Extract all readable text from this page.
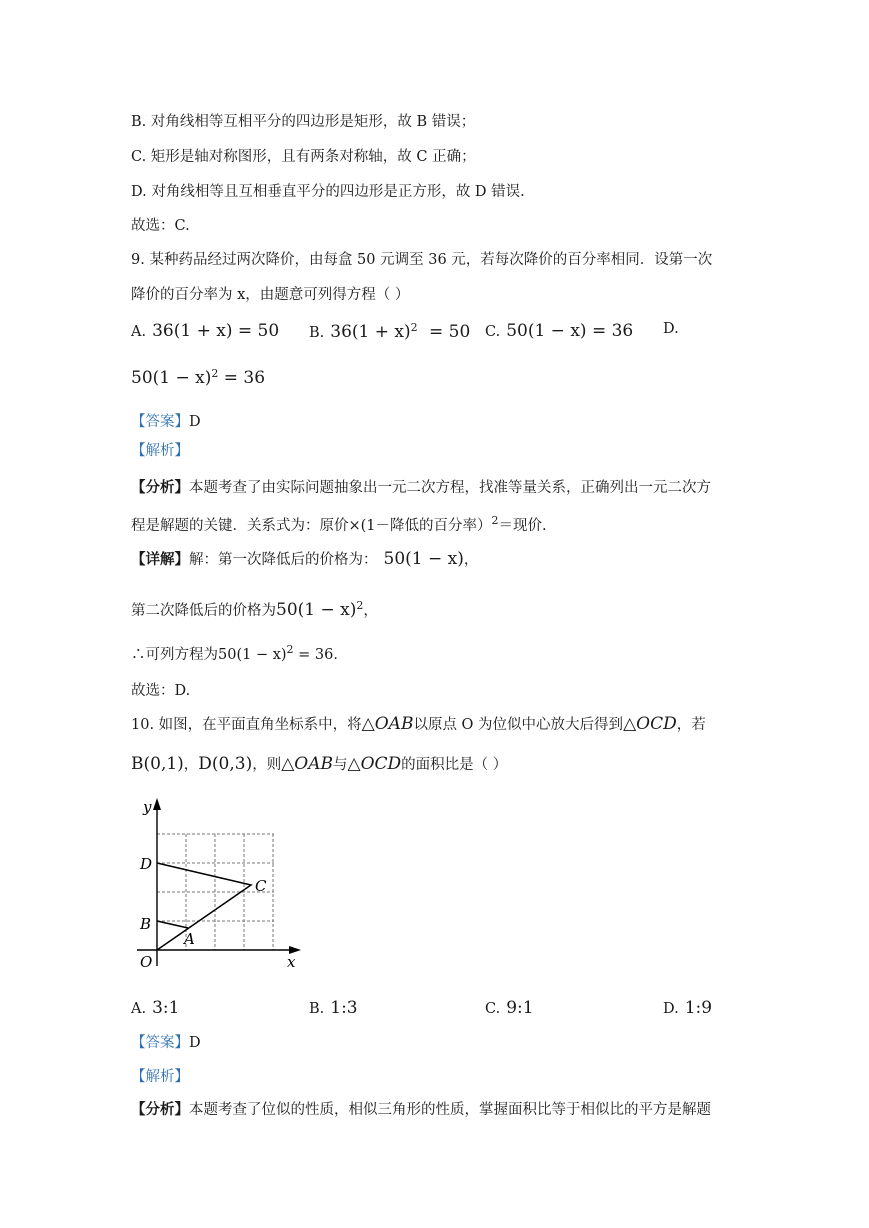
B. 对角线相等互相平分的四边形是矩形，故 B 错误；
C. 矩形是轴对称图形，且有两条对称轴，故 C 正确；
D. 对角线相等且互相垂直平分的四边形是正方形，故 D 错误.
故选：C.
9. 某种药品经过两次降价，由每盒 50 元调至 36 元，若每次降价的百分率相同．设第一次
降价的百分率为 x，由题意可列得方程（ ）
A. 36(1 + x) = 50 B. $36(1 + x)^2 = 50$ C. 50(1 − x) = 36 D.
$50(1 - x)^2 = 36$
【答案】D
【解析】
【分析】本题考查了由实际问题抽象出一元二次方程，找准等量关系，正确列出一元二次方
程是解题的关键．关系式为：原价×(1－降低的百分率）$^2$＝现价.
【详解】解：第一次降低后的价格为： 50(1 − x)，
第二次降低后的价格为$50(1 - x)^2$，
∴可列方程为$50(1 - x)^2 = 36$．
故选：D.
10. 如图，在平面直角坐标系中，将△OAB以原点 O 为位似中心放大后得到△OCD，若
B(0,1)，D(0,3)，则△OAB与△OCD的面积比是（ ）
y
x
O
B
A
D
C
A. 3:1	B. 1:3	C. 9:1	D. 1:9
【答案】D
【解析】
【分析】本题考查了位似的性质，相似三角形的性质，掌握面积比等于相似比的平方是解题
